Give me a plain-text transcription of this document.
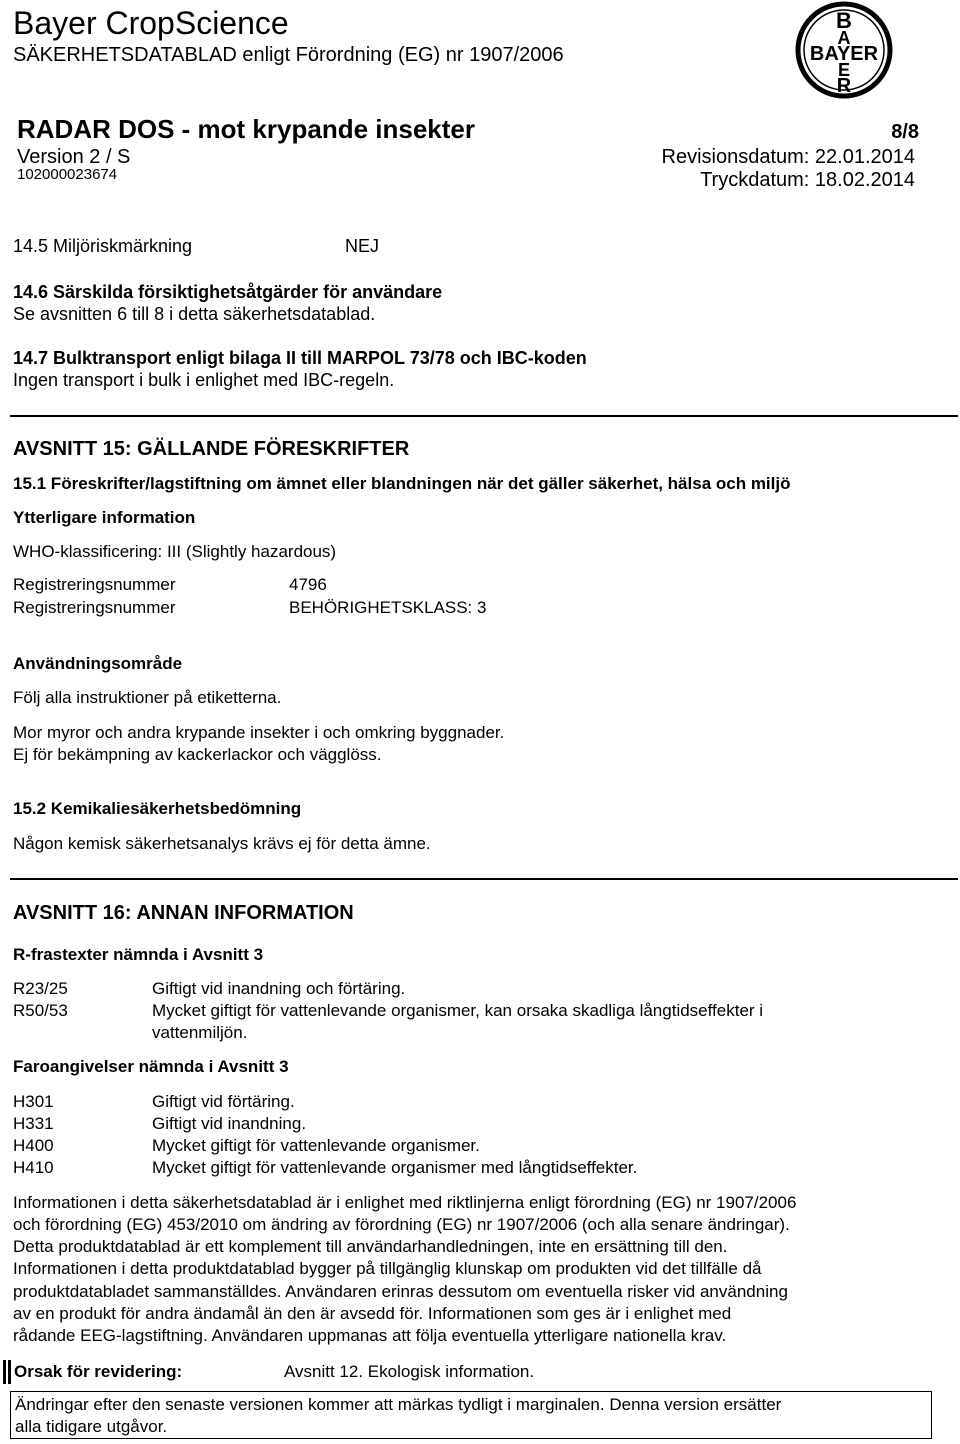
Bayer CropScience
SÄKERHETSDATABLAD enligt Förordning (EG) nr 1907/2006
B
A
BAYER
E
R
RADAR DOS - mot krypande insekter	8/8
Version 2 / S	Revisionsdatum: 22.01.2014
102000023674	Tryckdatum: 18.02.2014
14.5 Miljöriskmärkning	NEJ
14.6 Särskilda försiktighetsåtgärder för användare
Se avsnitten 6 till 8 i detta säkerhetsdatablad.
14.7 Bulktransport enligt bilaga II till MARPOL 73/78 och IBC-koden
Ingen transport i bulk i enlighet med IBC-regeln.
AVSNITT 15: GÄLLANDE FÖRESKRIFTER
15.1 Föreskrifter/lagstiftning om ämnet eller blandningen när det gäller säkerhet, hälsa och miljö
Ytterligare information
WHO-klassificering: III (Slightly hazardous)
Registreringsnummer	4796
Registreringsnummer	BEHÖRIGHETSKLASS: 3
Användningsområde
Följ alla instruktioner på etiketterna.
Mor myror och andra krypande insekter i och omkring byggnader.
Ej för bekämpning av kackerlackor och vägglöss.
15.2 Kemikaliesäkerhetsbedömning
Någon kemisk säkerhetsanalys krävs ej för detta ämne.
AVSNITT 16: ANNAN INFORMATION
R-frastexter nämnda i Avsnitt 3
R23/25	Giftigt vid inandning och förtäring.
R50/53	Mycket giftigt för vattenlevande organismer, kan orsaka skadliga långtidseffekter i
vattenmiljön.
Faroangivelser nämnda i Avsnitt 3
H301	Giftigt vid förtäring.
H331	Giftigt vid inandning.
H400	Mycket giftigt för vattenlevande organismer.
H410	Mycket giftigt för vattenlevande organismer med långtidseffekter.
Informationen i detta säkerhetsdatablad är i enlighet med riktlinjerna enligt förordning (EG) nr 1907/2006
och förordning (EG) 453/2010 om ändring av förordning (EG) nr 1907/2006 (och alla senare ändringar).
Detta produktdatablad är ett komplement till användarhandledningen, inte en ersättning till den.
Informationen i detta produktdatablad bygger på tillgänglig klunskap om produkten vid det tillfälle då
produktdatabladet sammanställdes. Användaren erinras dessutom om eventuella risker vid användning
av en produkt för andra ändamål än den är avsedd för. Informationen som ges är i enlighet med
rådande EEG-lagstiftning. Användaren uppmanas att följa eventuella ytterligare nationella krav.
Orsak för revidering:	Avsnitt 12. Ekologisk information.
Ändringar efter den senaste versionen kommer att märkas tydligt i marginalen. Denna version ersätter
alla tidigare utgåvor.
